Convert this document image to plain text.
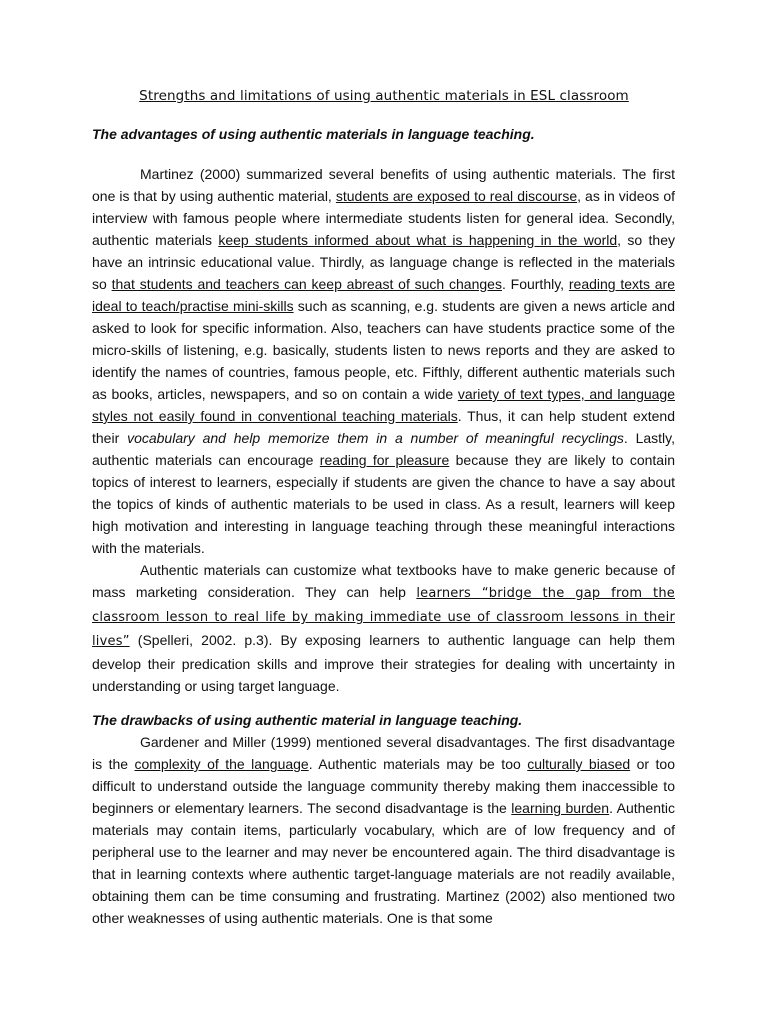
Strengths and limitations of using authentic materials in ESL classroom
The advantages of using authentic materials in language teaching.

Martinez (2000) summarized several benefits of using authentic materials. The first one is that by using authentic material, students are exposed to real discourse, as in videos of interview with famous people where intermediate students listen for general idea. Secondly, authentic materials keep students informed about what is happening in the world, so they have an intrinsic educational value. Thirdly, as language change is reflected in the materials so that students and teachers can keep abreast of such changes. Fourthly, reading texts are ideal to teach/practise mini-skills such as scanning, e.g. students are given a news article and asked to look for specific information. Also, teachers can have students practice some of the micro-skills of listening, e.g. basically, students listen to news reports and they are asked to identify the names of countries, famous people, etc. Fifthly, different authentic materials such as books, articles, newspapers, and so on contain a wide variety of text types, and language styles not easily found in conventional teaching materials. Thus, it can help student extend their vocabulary and help memorize them in a number of meaningful recyclings. Lastly, authentic materials can encourage reading for pleasure because they are likely to contain topics of interest to learners, especially if students are given the chance to have a say about the topics of kinds of authentic materials to be used in class. As a result, learners will keep high motivation and interesting in language teaching through these meaningful interactions with the materials.

Authentic materials can customize what textbooks have to make generic because of mass marketing consideration. They can help learners “bridge the gap from the classroom lesson to real life by making immediate use of classroom lessons in their lives” (Spelleri, 2002. p.3). By exposing learners to authentic language can help them develop their predication skills and improve their strategies for dealing with uncertainty in understanding or using target language.

The drawbacks of using authentic material in language teaching.

Gardener and Miller (1999) mentioned several disadvantages. The first disadvantage is the complexity of the language. Authentic materials may be too culturally biased or too difficult to understand outside the language community thereby making them inaccessible to beginners or elementary learners. The second disadvantage is the learning burden. Authentic materials may contain items, particularly vocabulary, which are of low frequency and of peripheral use to the learner and may never be encountered again. The third disadvantage is that in learning contexts where authentic target-language materials are not readily available, obtaining them can be time consuming and frustrating. Martinez (2002) also mentioned two other weaknesses of using authentic materials. One is that some
